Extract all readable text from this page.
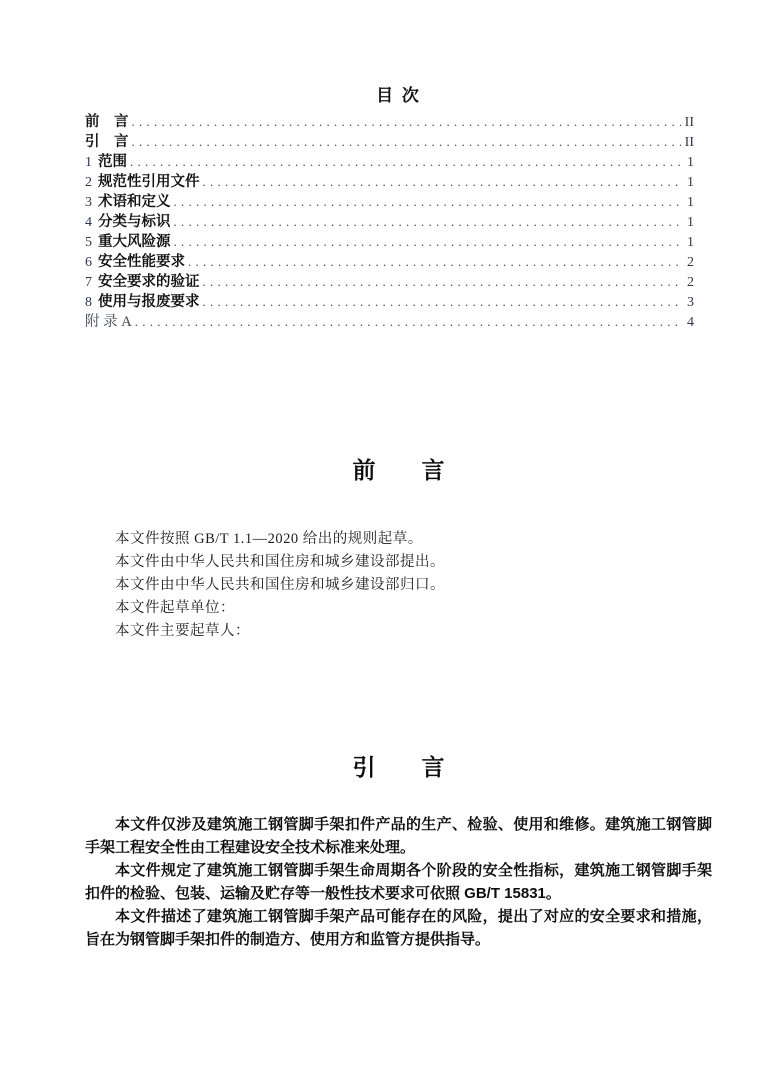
目 次
前　言 . . .	II
引　言 . . .	II
1 范围 . . .	1
2 规范性引用文件 . . .	1
3 术语和定义 . . .	1
4 分类与标识 . . .	1
5 重大风险源 . . .	1
6 安全性能要求 . . .	2
7 安全要求的验证 . . .	2
8 使用与报废要求 . . .	3
附 录 A . . .	4
前　　言

本文件按照 GB/T 1.1—2020 给出的规则起草。

本文件由中华人民共和国住房和城乡建设部提出。

本文件由中华人民共和国住房和城乡建设部归口。

本文件起草单位：

本文件主要起草人：

引　　言

本文件仅涉及建筑施工钢管脚手架扣件产品的生产、检验、使用和维修。建筑施工钢管脚手架工程安全性由工程建设安全技术标准来处理。

本文件规定了建筑施工钢管脚手架生命周期各个阶段的安全性指标，建筑施工钢管脚手架扣件的检验、包装、运输及贮存等一般性技术要求可依照 GB/T 15831。

本文件描述了建筑施工钢管脚手架产品可能存在的风险，提出了对应的安全要求和措施，旨在为钢管脚手架扣件的制造方、使用方和监管方提供指导。
